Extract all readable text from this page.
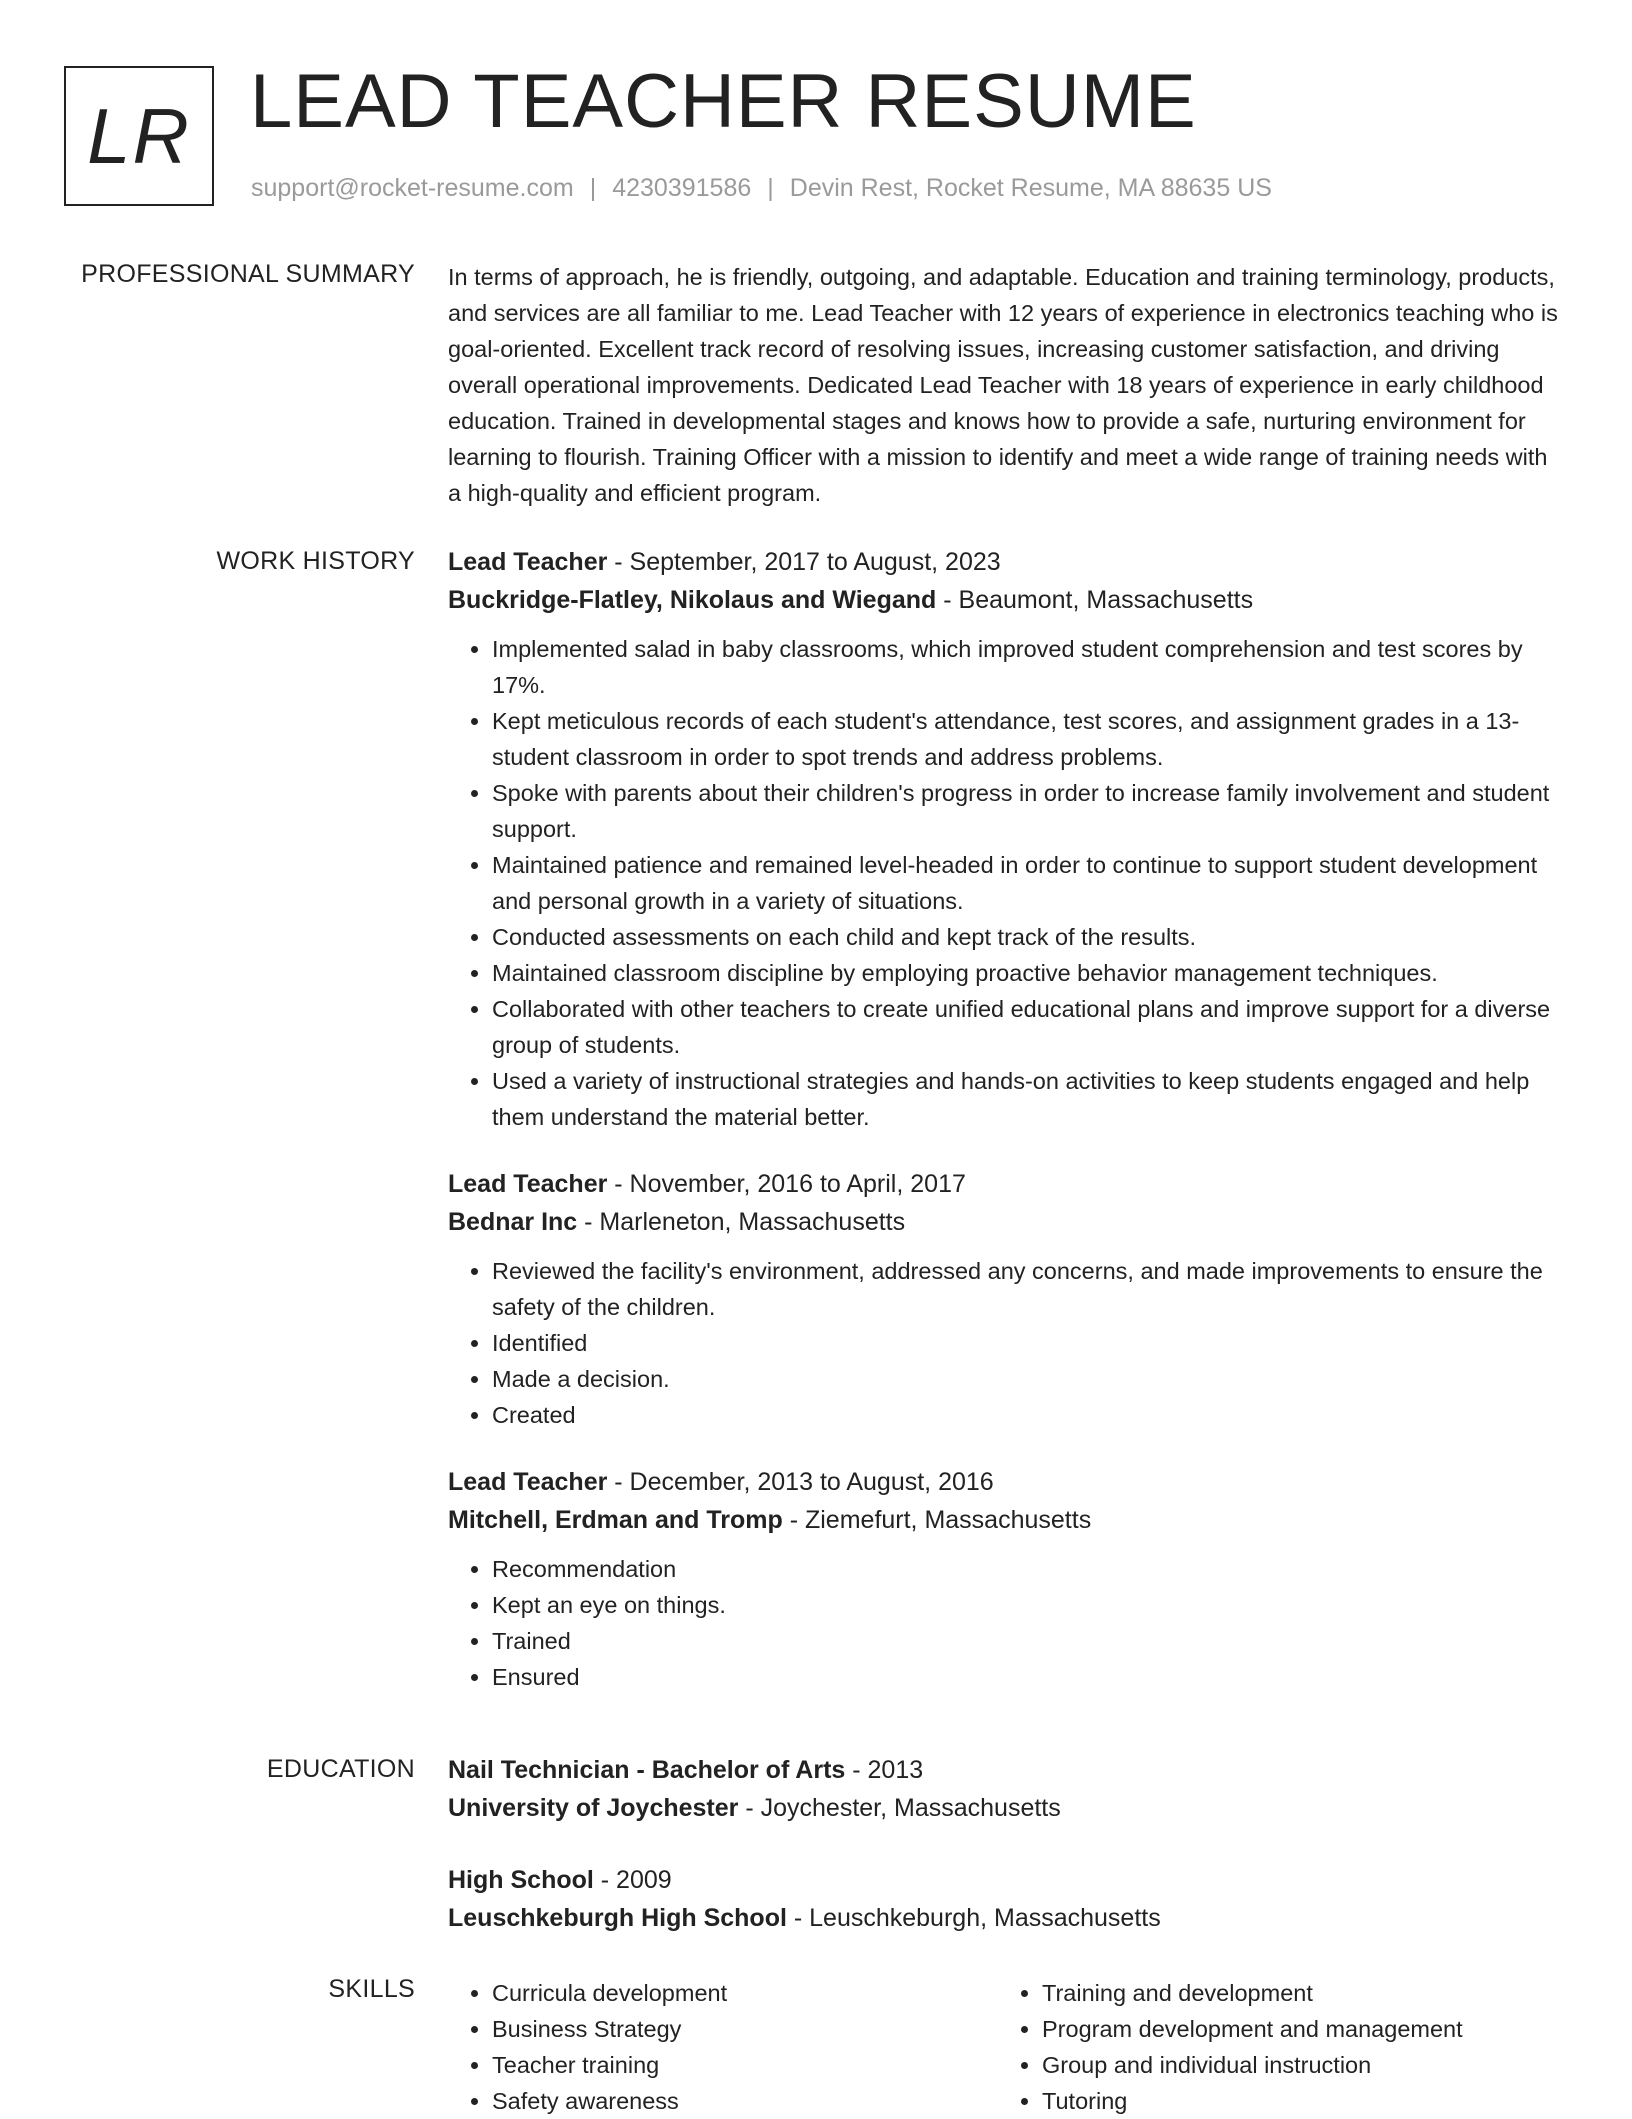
LR LEAD TEACHER RESUME
support@rocket-resume.com | 4230391586 | Devin Rest, Rocket Resume, MA 88635 US
PROFESSIONAL SUMMARY In terms of approach, he is friendly, outgoing, and adaptable. Education and training terminology, products, and services are all familiar to me. Lead Teacher with 12 years of experience in electronics teaching who is goal-oriented. Excellent track record of resolving issues, increasing customer satisfaction, and driving overall operational improvements. Dedicated Lead Teacher with 18 years of experience in early childhood education. Trained in developmental stages and knows how to provide a safe, nurturing environment for learning to flourish. Training Officer with a mission to identify and meet a wide range of training needs with a high-quality and efficient program.

WORK HISTORY Lead Teacher - September, 2017 to August, 2023
Buckridge-Flatley, Nikolaus and Wiegand - Beaumont, Massachusetts
• Implemented salad in baby classrooms, which improved student comprehension and test scores by 17%.
• Kept meticulous records of each student's attendance, test scores, and assignment grades in a 13-student classroom in order to spot trends and address problems.
• Spoke with parents about their children's progress in order to increase family involvement and student support.
• Maintained patience and remained level-headed in order to continue to support student development and personal growth in a variety of situations.
• Conducted assessments on each child and kept track of the results.
• Maintained classroom discipline by employing proactive behavior management techniques.
• Collaborated with other teachers to create unified educational plans and improve support for a diverse group of students.
• Used a variety of instructional strategies and hands-on activities to keep students engaged and help them understand the material better.
Lead Teacher - November, 2016 to April, 2017
Bednar Inc - Marleneton, Massachusetts
• Reviewed the facility's environment, addressed any concerns, and made improvements to ensure the safety of the children.
• Identified
• Made a decision.
• Created
Lead Teacher - December, 2013 to August, 2016
Mitchell, Erdman and Tromp - Ziemefurt, Massachusetts
• Recommendation
• Kept an eye on things.
• Trained
• Ensured
EDUCATION Nail Technician - Bachelor of Arts - 2013
University of Joychester - Joychester, Massachusetts
High School - 2009
Leuschkeburgh High School - Leuschkeburgh, Massachusetts
SKILLS
•	Curricula development
• Business Strategy
• Teacher training
• Safety awareness
• Training and development
• Program development and management
• Group and individual instruction
• Tutoring
